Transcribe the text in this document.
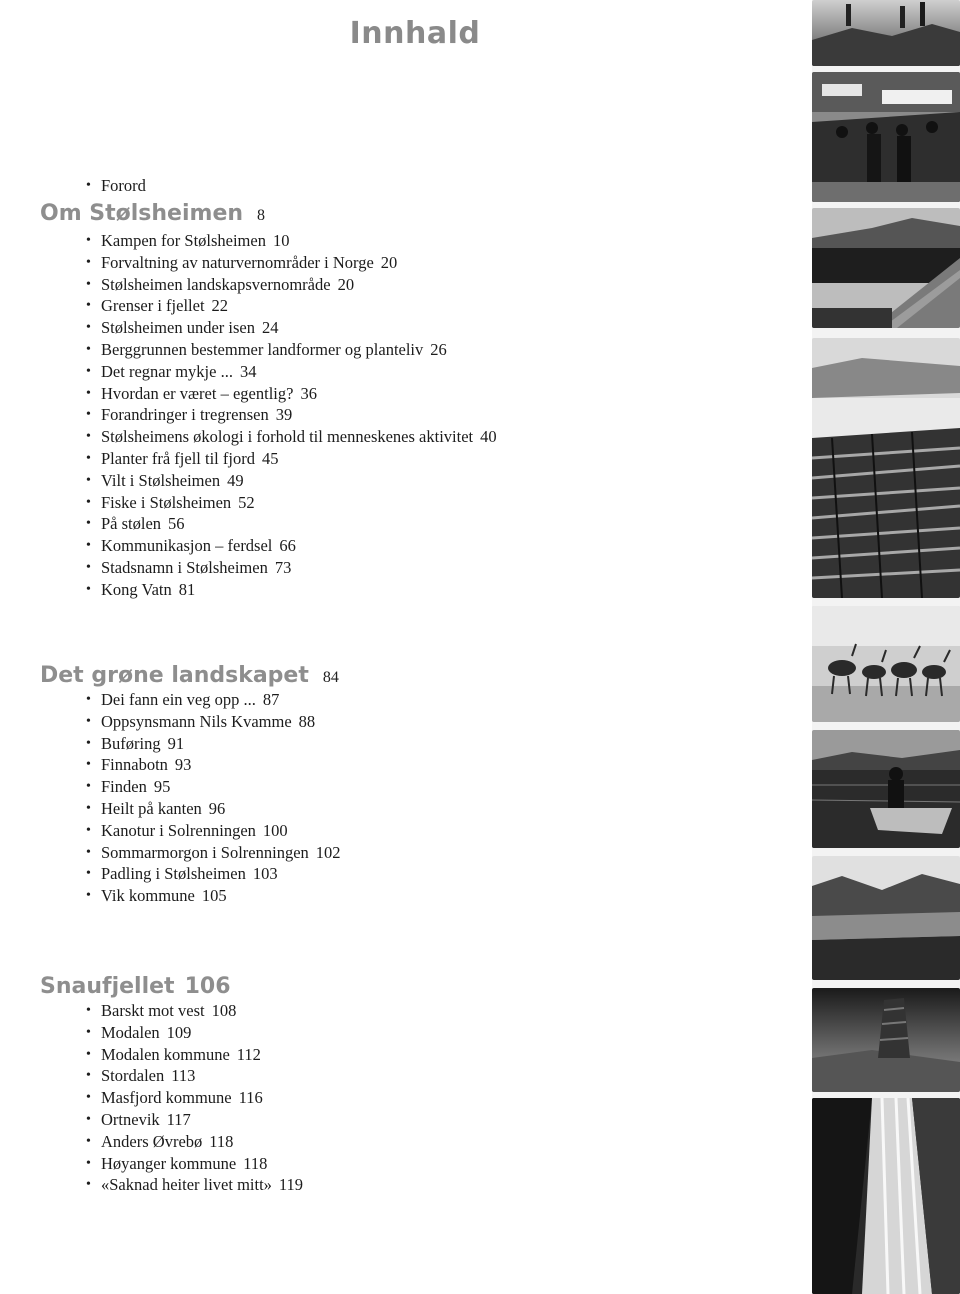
Innhald
• Forord
Om Stølsheimen 8
• Kampen for Stølsheimen 10
• Forvaltning av naturvernområder i Norge 20
• Stølsheimen landskapsvernområde 20
• Grenser i fjellet 22
• Stølsheimen under isen 24
• Berggrunnen bestemmer landformer og planteliv 26
• Det regnar mykje ... 34
• Hvordan er været – egentlig? 36
• Forandringer i tregrensen 39
• Stølsheimens økologi i forhold til menneskenes aktivitet 40
• Planter frå fjell til fjord 45
• Vilt i Stølsheimen 49
• Fiske i Stølsheimen 52
• På stølen 56
• Kommunikasjon – ferdsel 66
• Stadsnamn i Stølsheimen 73
• Kong Vatn 81
Det grøne landskapet 84
• Dei fann ein veg opp ... 87
• Oppsynsmann Nils Kvamme 88
• Buføring 91
• Finnabotn 93
• Finden 95
• Heilt på kanten 96
• Kanotur i Solrenningen 100
• Sommarmorgon i Solrenningen 102
• Padling i Stølsheimen 103
• Vik kommune 105
Snaufjellet 106
• Barskt mot vest 108
• Modalen 109
• Modalen kommune 112
• Stordalen 113
• Masfjord kommune 116
• Ortnevik 117
• Anders Øvrebø 118
• Høyanger kommune 118
• «Saknad heiter livet mitt» 119
